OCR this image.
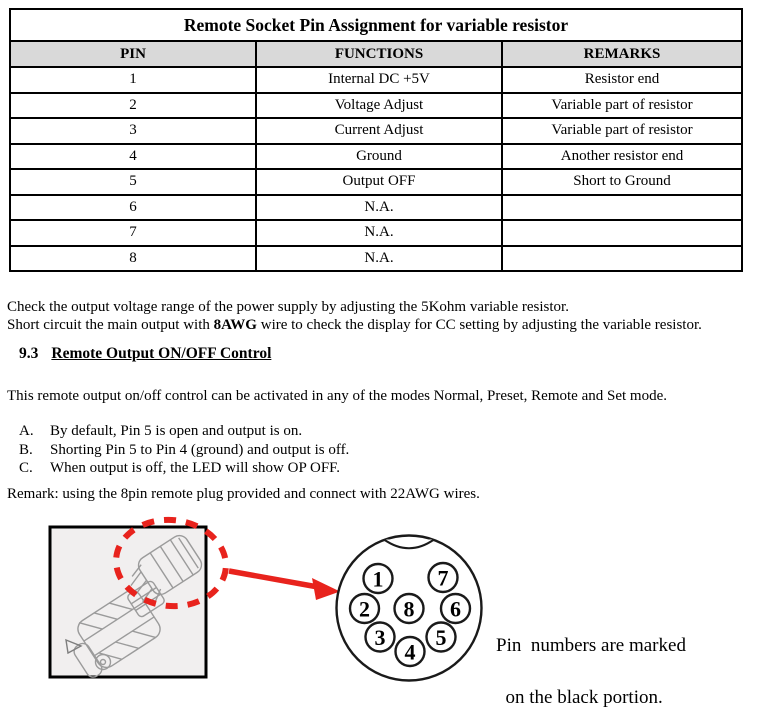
Remote Socket Pin Assignment for variable resistor		
PIN	FUNCTIONS	REMARKS
1	Internal DC +5V	Resistor end
2	Voltage Adjust	Variable part of resistor
3	Current Adjust	Variable part of resistor
4	Ground	Another resistor end
5	Output OFF	Short to Ground
6	N.A.	
7	N.A.	
8	N.A.	
Check the output voltage range of the power supply by adjusting the 5Kohm variable resistor.
Short circuit the main output with 8AWG wire to check the display for CC setting by adjusting the variable resistor.
9.3 Remote Output ON/OFF Control
This remote output on/off control can be activated in any of the modes Normal, Preset, Remote and Set mode.
A. By default, Pin 5 is open and output is on.
B. Shorting Pin 5 to Pin 4 (ground) and output is off.
C. When output is off, the LED will show OP OFF.
Remark: using the 8pin remote plug provided and connect with 22AWG wires.
1 7
2 8 6
3 5
4

	Pin  numbers are marked

on the black portion.
